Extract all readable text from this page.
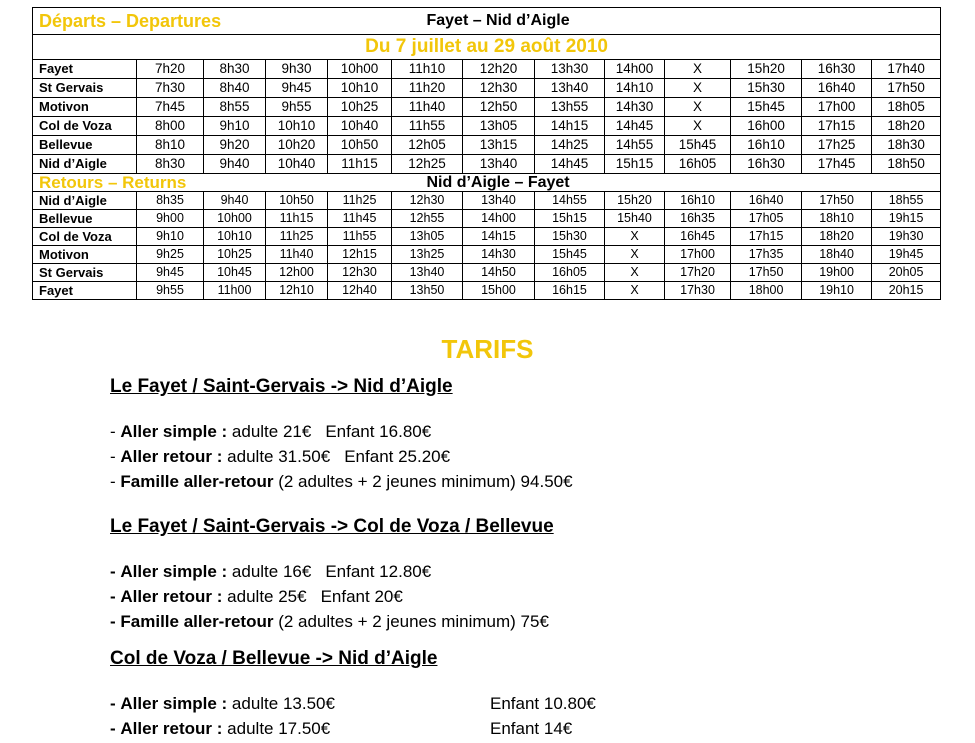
Départs – Departures			Fayet – Nid d’Aigle									
Du 7 juillet au 29 août 2010												
Fayet	7h20	8h30	9h30	10h00	11h10	12h20	13h30	14h00	X	15h20	16h30	17h40
St Gervais	7h30	8h40	9h45	10h10	11h20	12h30	13h40	14h10	X	15h30	16h40	17h50
Motivon	7h45	8h55	9h55	10h25	11h40	12h50	13h55	14h30	X	15h45	17h00	18h05
Col de Voza	8h00	9h10	10h10	10h40	11h55	13h05	14h15	14h45	X	16h00	17h15	18h20
Bellevue	8h10	9h20	10h20	10h50	12h05	13h15	14h25	14h55	15h45	16h10	17h25	18h30
Nid d’Aigle	8h30	9h40	10h40	11h15	12h25	13h40	14h45	15h15	16h05	16h30	17h45	18h50
Retours – Returns			Nid d’Aigle – Fayet									
Nid d’Aigle	8h35	9h40	10h50	11h25	12h30	13h40	14h55	15h20	16h10	16h40	17h50	18h55
Bellevue	9h00	10h00	11h15	11h45	12h55	14h00	15h15	15h40	16h35	17h05	18h10	19h15
Col de Voza	9h10	10h10	11h25	11h55	13h05	14h15	15h30	X	16h45	17h15	18h20	19h30
Motivon	9h25	10h25	11h40	12h15	13h25	14h30	15h45	X	17h00	17h35	18h40	19h45
St Gervais	9h45	10h45	12h00	12h30	13h40	14h50	16h05	X	17h20	17h50	19h00	20h05
Fayet	9h55	11h00	12h10	12h40	13h50	15h00	16h15	X	17h30	18h00	19h10	20h15
TARIFS
Le Fayet / Saint-Gervais -> Nid d’Aigle
- Aller simple : adulte 21€ Enfant 16.80€
- Aller retour : adulte 31.50€ Enfant 25.20€
- Famille aller-retour (2 adultes + 2 jeunes minimum) 94.50€
Le Fayet / Saint-Gervais -> Col de Voza / Bellevue
- Aller simple : adulte 16€ Enfant 12.80€
- Aller retour : adulte 25€ Enfant 20€
- Famille aller-retour (2 adultes + 2 jeunes minimum) 75€
Col de Voza / Bellevue -> Nid d’Aigle
- Aller simple : adulte 13.50€	Enfant 10.80€
- Aller retour : adulte 17.50€	Enfant 14€
